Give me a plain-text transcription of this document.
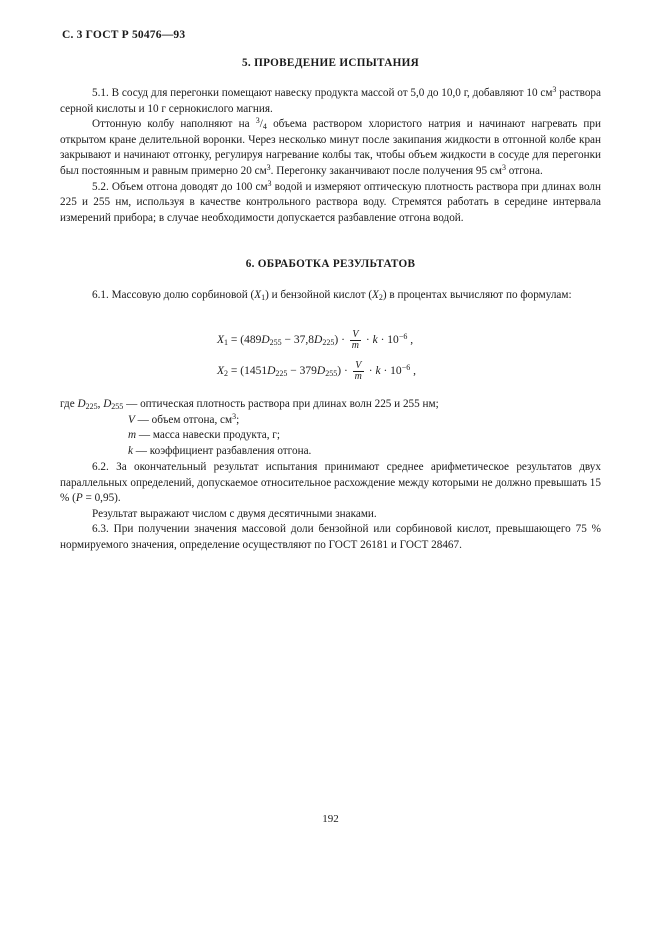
С. 3 ГОСТ Р 50476—93
5. ПРОВЕДЕНИЕ ИСПЫТАНИЯ

5.1. В сосуд для перегонки помещают навеску продукта массой от 5,0 до 10,0 г, добавляют 10 $см^3$ раствора серной кислоты и 10 г сернокислого магния.

Оттонную колбу наполняют на $^3/_4$ объема раствором хлористого натрия и начинают нагревать при открытом кране делительной воронки. Через несколько минут после закипания жидкости в отгонной колбе кран закрывают и начинают отгонку, регулируя нагревание колбы так, чтобы объем жидкости в сосуде для перегонки был постоянным и равным примерно 20 $см^3$. Перегонку заканчивают после получения 95 $см^3$ отгона.

5.2. Объем отгона доводят до 100 $см^3$ водой и измеряют оптическую плотность раствора при длинах волн 225 и 255 нм, используя в качестве контрольного раствора воду. Стремятся работать в середине интервала измерений прибора; в случае необходимости допускается разбавление отгона водой.

6. ОБРАБОТКА РЕЗУЛЬТАТОВ

6.1. Массовую долю сорбиновой $(X_1)$ и бензойной кислот $(X_2)$ в процентах вычисляют по формулам:

$X_1 = (489D_{255} - 37,8D_{225}) \cdot \frac{V}{m} \cdot k \cdot 10^{-6}$ ,
$X_2 = (1451D_{225} - 379D_{255}) \cdot \frac{V}{m} \cdot k \cdot 10^{-6}$ ,

где $D_{225}$, $D_{255}$ — оптическая плотность раствора при длинах волн 225 и 255 нм;

V — объем отгона, $см^3$;

m — масса навески продукта, г;

k — коэффициент разбавления отгона.

6.2. За окончательный результат испытания принимают среднее арифметическое результатов двух параллельных определений, допускаемое относительное расхождение между которыми не должно превышать 15 % (P = 0,95).

Результат выражают числом с двумя десятичными знаками.

6.3. При получении значения массовой доли бензойной или сорбиновой кислот, превышающего 75 % нормируемого значения, определение осуществляют по ГОСТ 26181 и ГОСТ 28467.

192
